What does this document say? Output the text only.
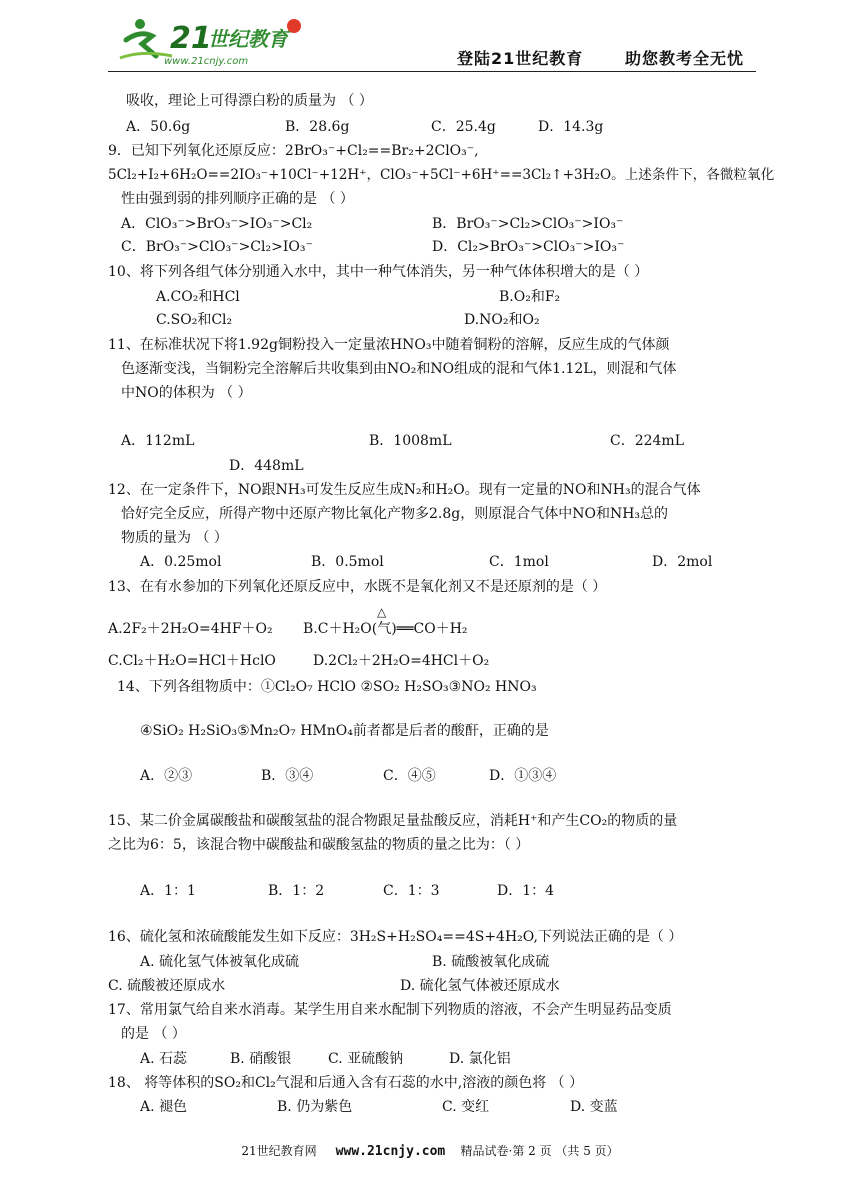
21
世纪教育
www.21cnjy.com	登陆21世纪教育	助您教考全无忧
吸收，理论上可得漂白粉的质量为 （ ）
A．50.6g	B．28.6g	C．25.4g	D．14.3g
9．已知下列氧化还原反应：2BrO₃⁻+Cl₂==Br₂+2ClO₃⁻,
5Cl₂+I₂+6H₂O==2IO₃⁻+10Cl⁻+12H⁺，ClO₃⁻+5Cl⁻+6H⁺==3Cl₂↑+3H₂O。上述条件下，各微粒氧化
性由强到弱的排列顺序正确的是 （ ）
A．ClO₃⁻>BrO₃⁻>IO₃⁻>Cl₂	B．BrO₃⁻>Cl₂>ClO₃⁻>IO₃⁻
C．BrO₃⁻>ClO₃⁻>Cl₂>IO₃⁻	D．Cl₂>BrO₃⁻>ClO₃⁻>IO₃⁻
10、将下列各组气体分别通入水中，其中一种气体消失，另一种气体体积增大的是（ ）
A.CO₂和HCl	B.O₂和F₂
C.SO₂和Cl₂	D.NO₂和O₂
11、在标准状况下将1.92g铜粉投入一定量浓HNO₃中随着铜粉的溶解，反应生成的气体颜
色逐渐变浅，当铜粉完全溶解后共收集到由NO₂和NO组成的混和气体1.12L，则混和气体
中NO的体积为 （ ）
A．112mL	B．1008mL	C．224mL
D．448mL
12、在一定条件下，NO跟NH₃可发生反应生成N₂和H₂O。现有一定量的NO和NH₃的混合气体
恰好完全反应，所得产物中还原产物比氧化产物多2.8g，则原混合气体中NO和NH₃总的
物质的量为 （ ）
A．0.25mol	B．0.5mol	C．1mol	D．2mol
13、在有水参加的下列氧化还原反应中，水既不是氧化剂又不是还原剂的是（ ）
A.2F₂＋2H₂O=4HF＋O₂ B.C＋H₂O(气)══CO＋H₂
△
C.Cl₂＋H₂O=HCl＋HclO	D.2Cl₂＋2H₂O=4HCl＋O₂
14、下列各组物质中：①Cl₂O₇ HClO ②SO₂ H₂SO₃③NO₂ HNO₃
④SiO₂ H₂SiO₃⑤Mn₂O₇ HMnO₄前者都是后者的酸酐，正确的是
A．②③	B．③④	C．④⑤	D．①③④
15、某二价金属碳酸盐和碳酸氢盐的混合物跟足量盐酸反应，消耗H⁺和产生CO₂的物质的量
之比为6：5，该混合物中碳酸盐和碳酸氢盐的物质的量之比为：（ ）
A．1：1	B．1：2	C．1：3	D．1：4
16、硫化氢和浓硫酸能发生如下反应：3H₂S+H₂SO₄==4S+4H₂O,下列说法正确的是（ ）
A. 硫化氢气体被氧化成硫	B. 硫酸被氧化成硫
C. 硫酸被还原成水	D. 硫化氢气体被还原成水
17、常用氯气给自来水消毒。某学生用自来水配制下列物质的溶液，不会产生明显药品变质
的是 （ ）
A. 石蕊	B. 硝酸银	C. 亚硫酸钠	D. 氯化铝
18、 将等体积的SO₂和Cl₂气混和后通入含有石蕊的水中,溶液的颜色将 （ ）
A. 褪色	B. 仍为紫色	C. 变红	D. 变蓝
21世纪教育网 www.21cnjy.com 精品试卷·第 2 页 （共 5 页）
